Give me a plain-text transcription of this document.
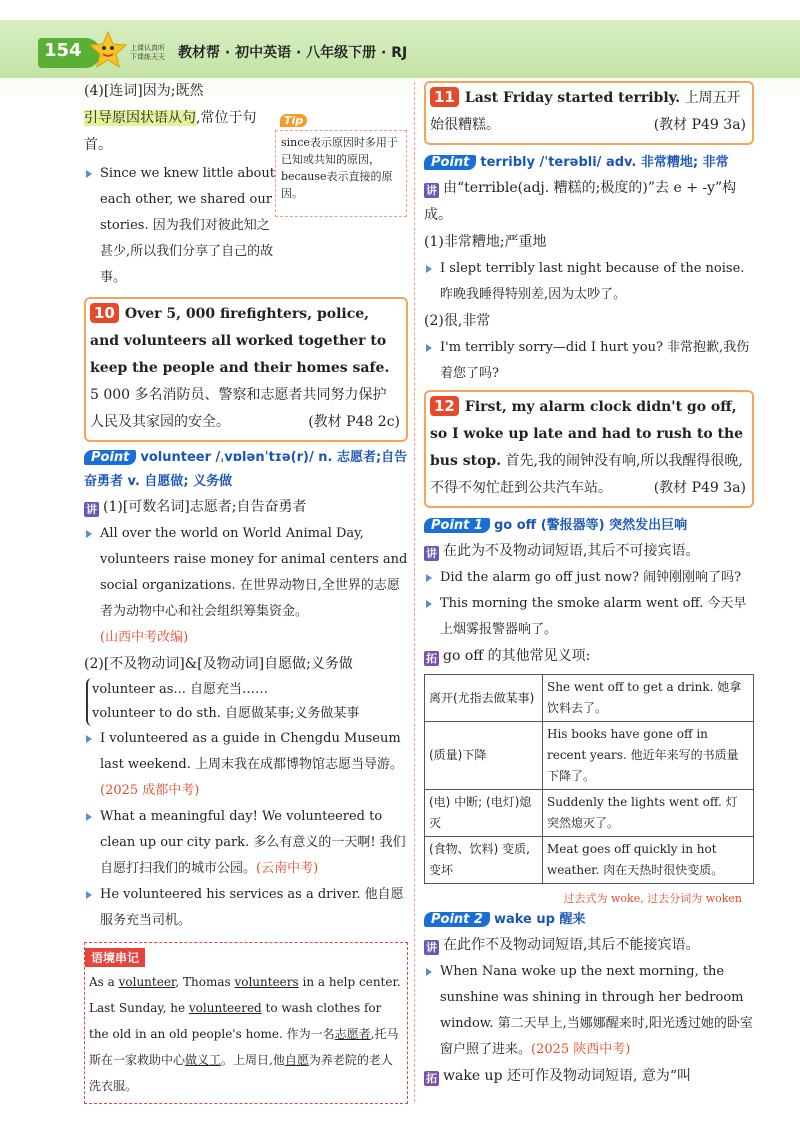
154	上课认真听
下课练天天 教材帮 · 初中英语 · 八年级下册 · RJ
(4)[连词]因为;既然
引导原因状语从句,常位于句首。
Tip
since表示原因时多用于已知或共知的原因，because表示直接的原因。
Since we knew little about each other, we shared our stories. 因为我们对彼此知之甚少,所以我们分享了自己的故事。
10 Over 5, 000 firefighters, police, and volunteers all worked together to keep the people and their homes safe. 5 000 多名消防员、警察和志愿者共同努力保护人民及其家园的安全。	(教材 P48 2c)
Point volunteer /ˌvɒlənˈtɪə(r)/ n. 志愿者;自告奋勇者 v. 自愿做; 义务做
讲 (1)[可数名词]志愿者;自告奋勇者
All over the world on World Animal Day, volunteers raise money for animal centers and social organizations. 在世界动物日,全世界的志愿者为动物中心和社会组织筹集资金。
(山西中考改编)
(2)[不及物动词]&[及物动词]自愿做;义务做
volunteer as... 自愿充当……
volunteer to do sth. 自愿做某事;义务做某事
I volunteered as a guide in Chengdu Museum last weekend. 上周末我在成都博物馆志愿当导游。(2025 成都中考)
What a meaningful day! We volunteered to clean up our city park. 多么有意义的一天啊! 我们自愿打扫我们的城市公园。(云南中考)
He volunteered his services as a driver. 他自愿服务充当司机。
语境串记
As a volunteer, Thomas volunteers in a help center. Last Sunday, he volunteered to wash clothes for the old in an old people's home. 作为一名志愿者,托马斯在一家救助中心做义工。上周日,他自愿为养老院的老人洗衣服。
11 Last Friday started terribly. 上周五开始很糟糕。	(教材 P49 3a)
Point terribly /ˈterəbli/ adv. 非常糟地; 非常
讲 由“terrible(adj. 糟糕的;极度的)”去 e + -y”构成。
(1)非常糟地;严重地
I slept terribly last night because of the noise. 昨晚我睡得特别差,因为太吵了。
(2)很,非常
I'm terribly sorry—did I hurt you? 非常抱歉,我伤着您了吗?
12 First, my alarm clock didn't go off, so I woke up late and had to rush to the bus stop. 首先,我的闹钟没有响,所以我醒得很晚,不得不匆忙赶到公共汽车站。	(教材 P49 3a)
Point 1 go off (警报器等) 突然发出巨响
讲 在此为不及物动词短语,其后不可接宾语。
Did the alarm go off just now? 闹钟刚刚响了吗?
This morning the smoke alarm went off. 今天早上烟雾报警器响了。
拓 go off 的其他常见义项:
离开(尤指去做某事)	She went off to get a drink. 她拿饮料去了。
(质量)下降	His books have gone off in recent years. 他近年来写的书质量下降了。
(电) 中断; (电灯)熄灭	Suddenly the lights went off. 灯突然熄灭了。
(食物、饮料) 变质, 变坏	Meat goes off quickly in hot weather. 肉在天热时很快变质。
过去式为 woke, 过去分词为 woken
Point 2 wake up 醒来
讲 在此作不及物动词短语,其后不能接宾语。
When Nana woke up the next morning, the sunshine was shining in through her bedroom window. 第二天早上,当娜娜醒来时,阳光透过她的卧室窗户照了进来。(2025 陕西中考)
拓 wake up 还可作及物动词短语, 意为“叫
